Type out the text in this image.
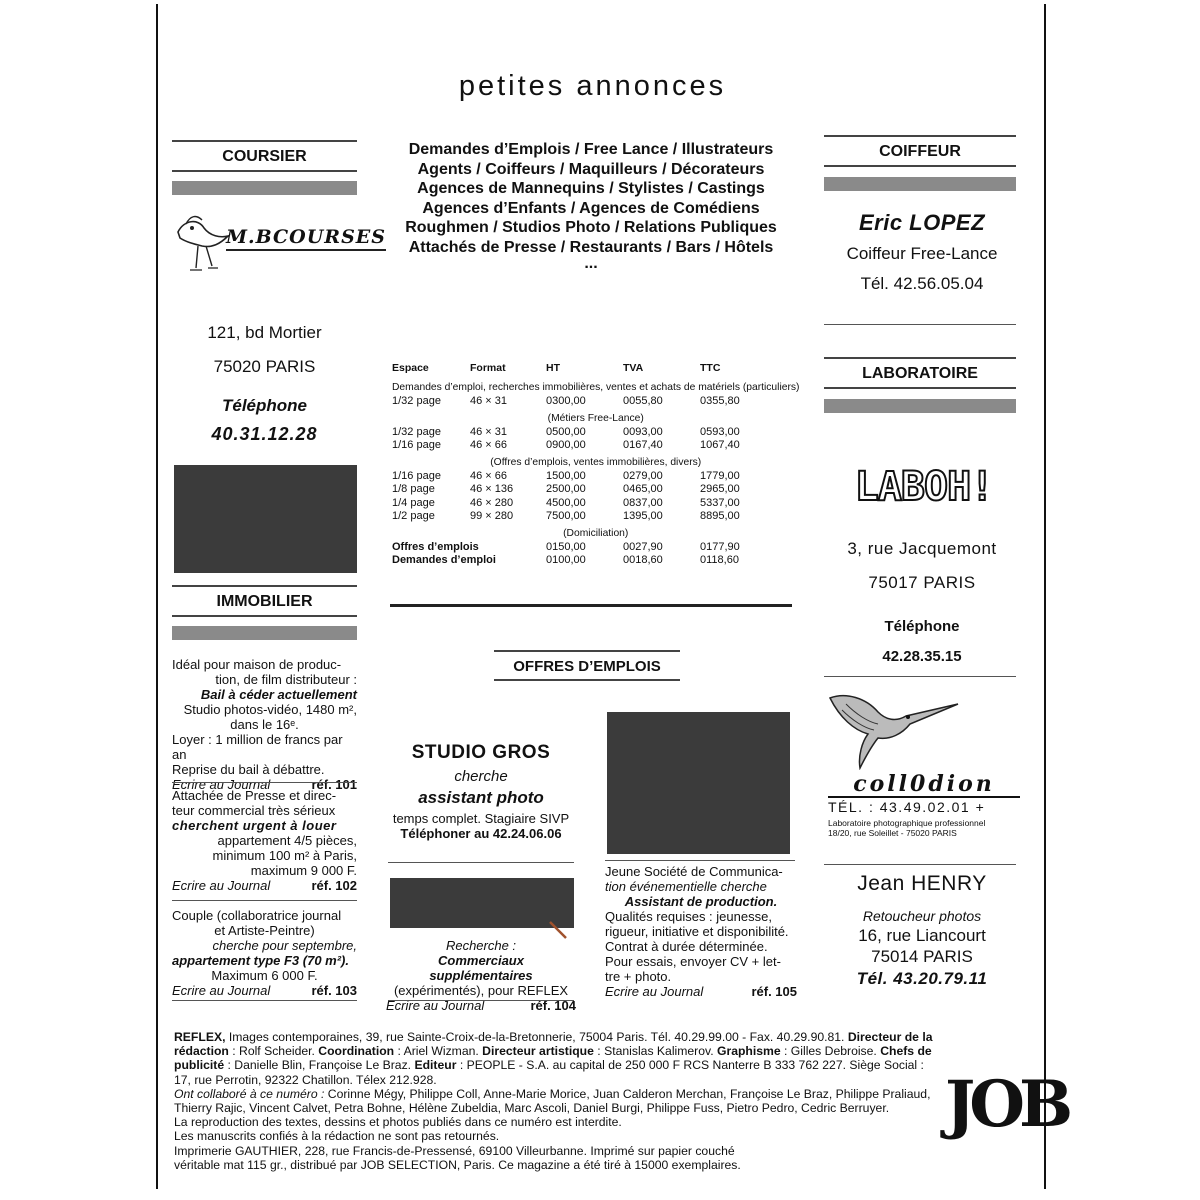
petites annonces
Demandes d’Emplois / Free Lance / Illustrateurs
Agents / Coiffeurs / Maquilleurs / Décorateurs
Agences de Mannequins / Stylistes / Castings
Agences d’Enfants / Agences de Comédiens
Roughmen / Studios Photo / Relations Publiques
Attachés de Presse / Restaurants / Bars / Hôtels
...
COURSIER
M.BCOURSES
121, bd Mortier
75020 PARIS
Téléphone
40.31.12.28
IMMOBILIER

Idéal pour maison de produc-

tion, de film distributeur :

Bail à céder actuellement

Studio photos-vidéo, 1480 m²,

dans le 16ᵉ.

Loyer : 1 million de francs par an

Reprise du bail à débattre.

Ecrire au Journal	réf. 101

Attachée de Presse et direc-

teur commercial très sérieux

cherchent urgent à louer

appartement 4/5 pièces,

minimum 100 m² à Paris,

maximum 9 000 F.

Ecrire au Journal	réf. 102

Couple (collaboratrice journal

et Artiste-Peintre)

cherche pour septembre,

appartement type F3 (70 m²).

Maximum 6 000 F.

Ecrire au Journal	réf. 103
Espace	Format	HT	TVA	TTC

Demandes d’emploi, recherches immobilières, ventes et achats de matériels (particuliers)				
1/32 page	46 × 31	0300,00	0055,80	0355,80

(Métiers Free-Lance)				
1/32 page	46 × 31	0500,00	0093,00	0593,00
1/16 page	46 × 66	0900,00	0167,40	1067,40

(Offres d’emplois, ventes immobilières, divers)				
1/16 page	46 × 66	1500,00	0279,00	1779,00
1/8 page	46 × 136	2500,00	0465,00	2965,00
1/4 page	46 × 280	4500,00	0837,00	5337,00
1/2 page	99 × 280	7500,00	1395,00	8895,00

(Domiciliation)				
Offres d’emplois		0150,00	0027,90	0177,90
Demandes d’emploi		0100,00	0018,60	0118,60
OFFRES D’EMPLOIS
STUDIO GROS
cherche
assistant photo
temps complet. Stagiaire SIVP
Téléphoner au 42.24.06.06

Recherche :

Commerciaux supplémentaires

(expérimentés), pour REFLEX

Ecrire au Journal	réf. 104

Jeune Société de Communica-

tion événementielle cherche

Assistant de production.

Qualités requises : jeunesse,

rigueur, initiative et disponibilité.

Contrat à durée déterminée.

Pour essais, envoyer CV + let-

tre + photo.

Ecrire au Journal	réf. 105
COIFFEUR
Eric LOPEZ
Coiffeur Free-Lance
Tél. 42.56.05.04
LABORATOIRE
LABOH!
3, rue Jacquemont
75017 PARIS
Téléphone
42.28.35.15
coll0dion
TÉL. : 43.49.02.01 +
Laboratoire photographique professionnel
18/20, rue Soleillet - 75020 PARIS
Jean HENRY
Retoucheur photos
16, rue Liancourt
75014 PARIS
Tél. 43.20.79.11

REFLEX, Images contemporaines, 39, rue Sainte-Croix-de-la-Bretonnerie, 75004 Paris. Tél. 40.29.99.00 - Fax. 40.29.90.81. Directeur de la rédaction : Rolf Scheider. Coordination : Ariel Wizman. Directeur artistique : Stanislas Kalimerov. Graphisme : Gilles Debroise. Chefs de publicité : Danielle Blin, Françoise Le Braz. Editeur : PEOPLE - S.A. au capital de 250 000 F RCS Nanterre B 333 762 227. Siège Social : 17, rue Perrotin, 92322 Chatillon. Télex 212.928.

Ont collaboré à ce numéro : Corinne Mégy, Philippe Coll, Anne-Marie Morice, Juan Calderon Merchan, Françoise Le Braz, Philippe Praliaud, Thierry Rajic, Vincent Calvet, Petra Bohne, Hélène Zubeldia, Marc Ascoli, Daniel Burgi, Philippe Fuss, Pietro Pedro, Cedric Berruyer.

La reproduction des textes, dessins et photos publiés dans ce numéro est interdite.

Les manuscrits confiés à la rédaction ne sont pas retournés.

Imprimerie GAUTHIER, 228, rue Francis-de-Pressensé, 69100 Villeurbanne. Imprimé sur papier couché véritable mat 115 gr., distribué par JOB SELECTION, Paris. Ce magazine a été tiré à 15000 exemplaires.

JOB
